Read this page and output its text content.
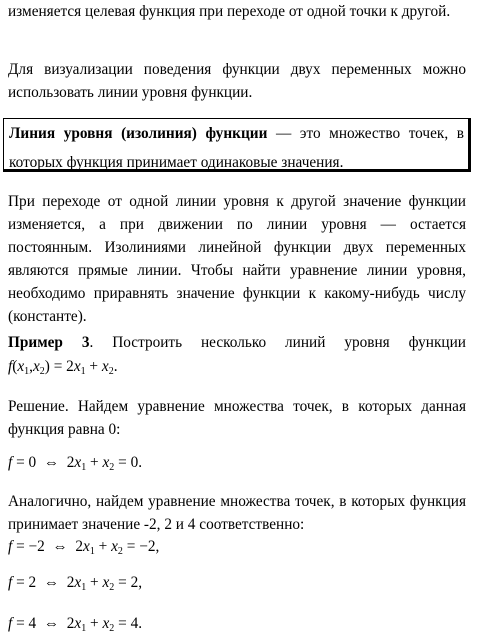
изменяется целевая функция при переходе от одной точки к другой.

Для визуализации поведения функции двух переменных можно использовать линии уровня функции.

Линия уровня (изолиния) функции — это множество точек, в которых функция принимает одинаковые значения.

При переходе от одной линии уровня к другой значение функции изменяется, а при движении по линии уровня — остается постоянным. Изолиниями линейной функции двух переменных являются прямые линии. Чтобы найти уравнение линии уровня, необходимо приравнять значение функции к какому-нибудь числу (константе).

Пример 3. Построить несколько линий уровня функции

$f(x_1,x_2) = 2x_1 + x_2$.

Решение. Найдем уравнение множества точек, в которых данная функция равна 0:

f = 0  ⇔  $2x_1 + x_2 = 0$.

Аналогично, найдем уравнение множества точек, в которых функция принимает значение -2, 2 и 4 соответственно:

f = −2  ⇔  $2x_1 + x_2 = -2$,
f = 2  ⇔  $2x_1 + x_2 = 2$,
f = 4  ⇔  $2x_1 + x_2 = 4$.
